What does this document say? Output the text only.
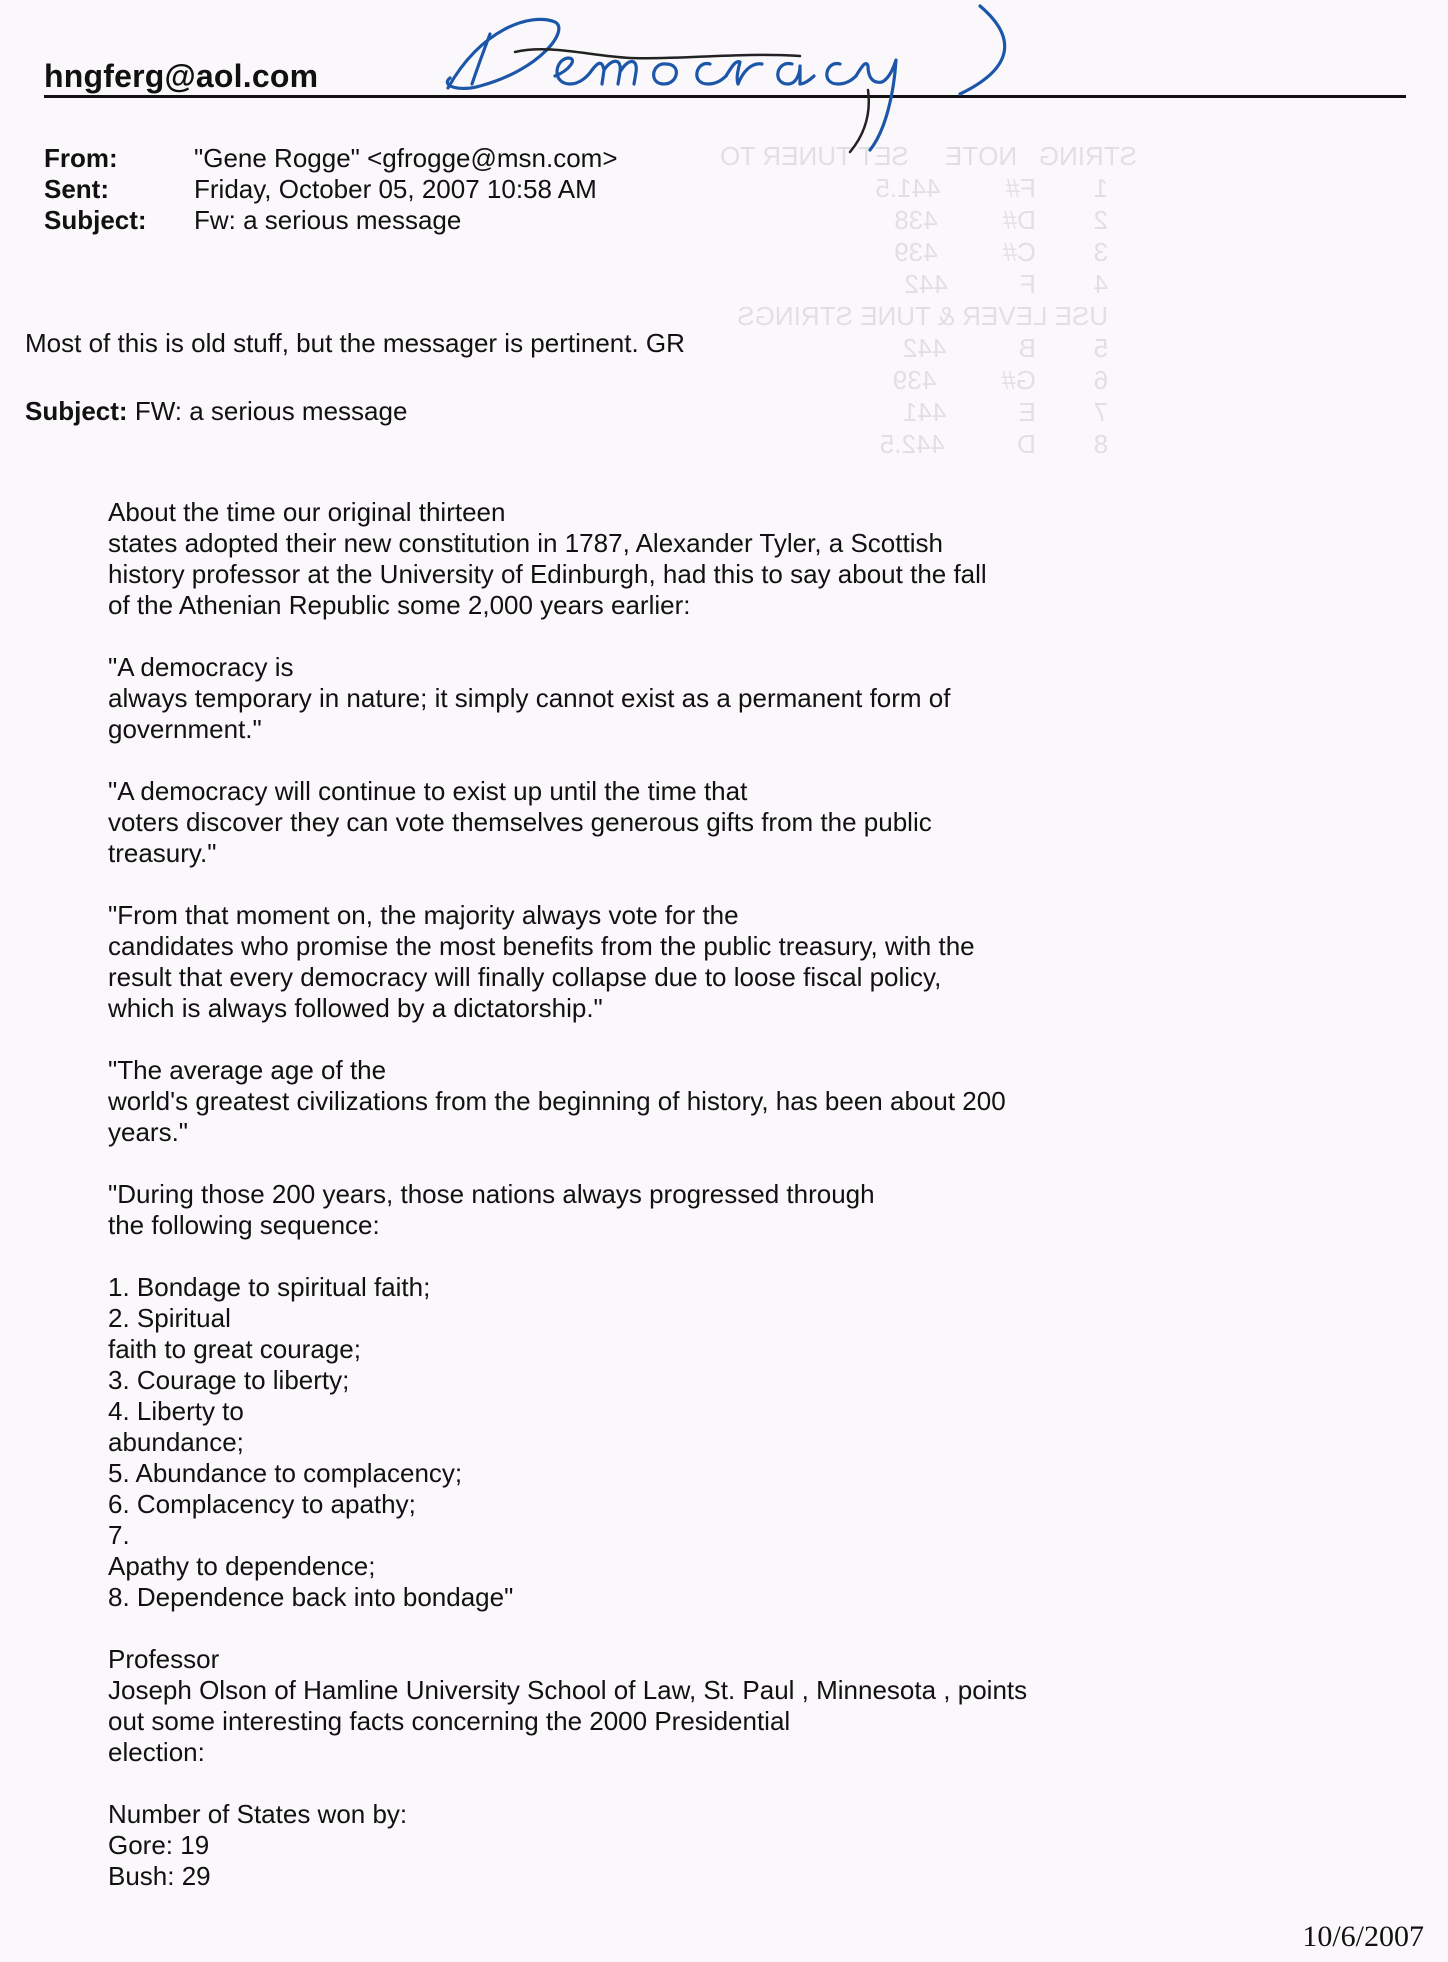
STRING   NOTE     SET TUNER TO
1        F#         441.5
2        D#         438
3        C#         439
4        F          442
USE LEVER & TUNE STRINGS
5        B          442
6        G#         439
7        E          441
8        D          442.5
hngferg@aol.com
From:	"Gene Rogge" <gfrogge@msn.com>
Sent:	Friday, October 05, 2007 10:58 AM
Subject: Fw: a serious message
Most of this is old stuff, but the messager is pertinent. GR
Subject: FW: a serious message

About the time our original thirteen
states adopted their new constitution in 1787, Alexander Tyler, a Scottish
history professor at the University of Edinburgh, had this to say about the fall
of the Athenian Republic some 2,000 years earlier:

"A democracy is
always temporary in nature; it simply cannot exist as a permanent form of
government."

"A democracy will continue to exist up until the time that
voters discover they can vote themselves generous gifts from the public
treasury."

"From that moment on, the majority always vote for the
candidates who promise the most benefits from the public treasury, with the
result that every democracy will finally collapse due to loose fiscal policy,
which is always followed by a dictatorship."

"The average age of the
world's greatest civilizations from the beginning of history, has been about 200
years."

"During those 200 years, those nations always progressed through
the following sequence:

1. Bondage to spiritual faith;
2. Spiritual
faith to great courage;
3. Courage to liberty;
4. Liberty to
abundance;
5. Abundance to complacency;
6. Complacency to apathy;
7.
Apathy to dependence;
8. Dependence back into bondage"

Professor
Joseph Olson of Hamline University School of Law, St. Paul , Minnesota , points
out some interesting facts concerning the 2000 Presidential
election:

Number of States won by:
Gore: 19
Bush: 29

10/6/2007
